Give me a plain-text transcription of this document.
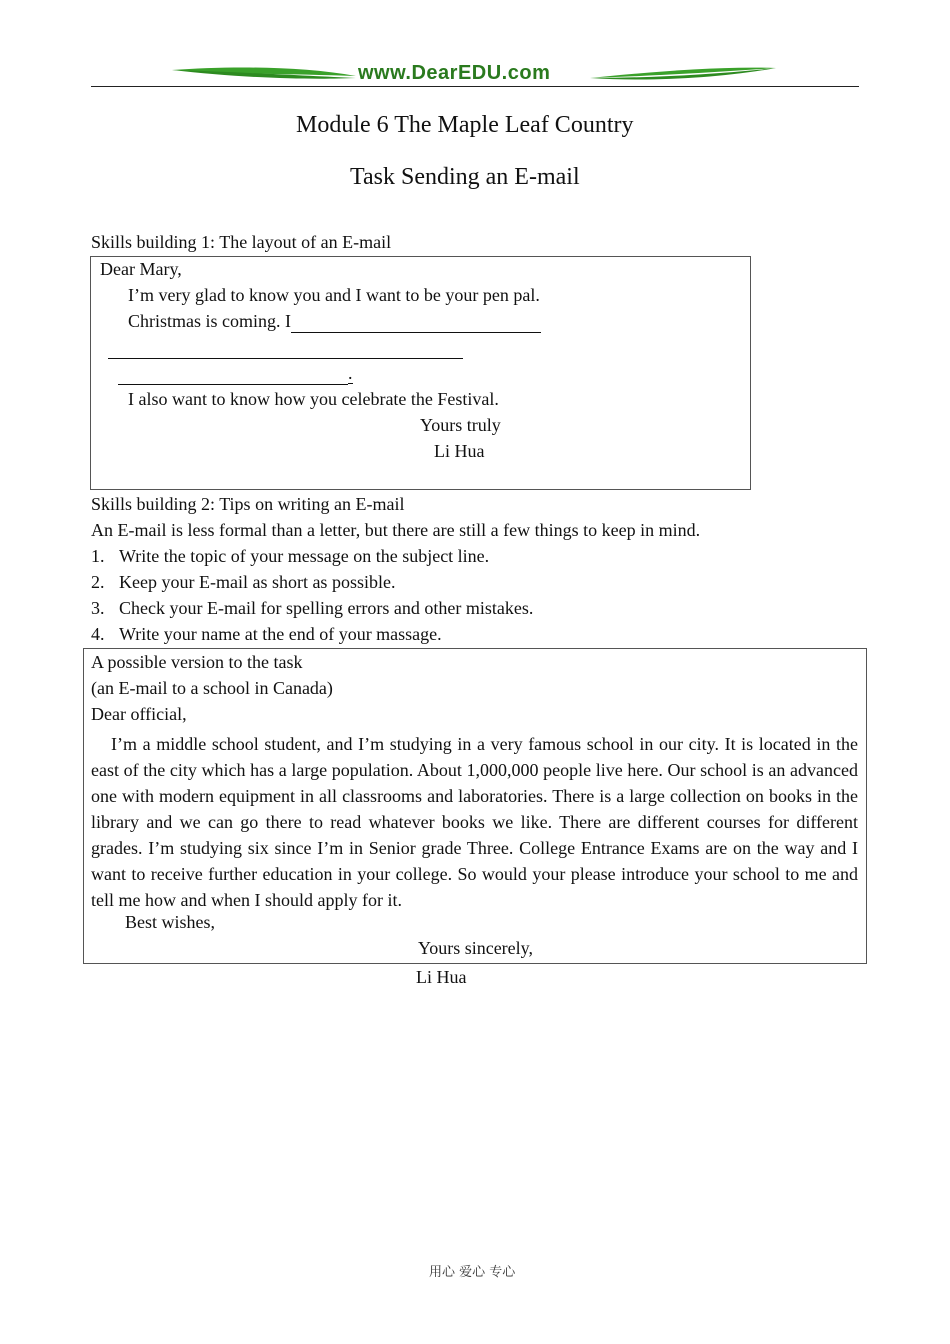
www.DearEDU.com
Module 6 The Maple Leaf Country
Task Sending an E-mail
Skills building 1: The layout of an E-mail
Dear Mary,
I’m very glad to know you and I want to be your pen pal.
Christmas is coming. I

.
I also want to know how you celebrate the Festival.
Yours truly
Li Hua
Skills building 2: Tips on writing an E-mail
An E-mail is less formal than a letter, but there are still a few things to keep in mind.
1. Write the topic of your message on the subject line.
2. Keep your E-mail as short as possible.
3. Check your E-mail for spelling errors and other mistakes.
4. Write your name at the end of your massage.
A possible version to the task
(an E-mail to a school in Canada)
Dear official,
I’m a middle school student, and I’m studying in a very famous school in our city. It is located in the east of the city which has a large population. About 1,000,000 people live here. Our school is an advanced one with modern equipment in all classrooms and laboratories. There is a large collection on books in the library and we can go there to read whatever books we like. There are different courses for different grades. I’m studying six since I’m in Senior grade Three. College Entrance Exams are on the way and I want to receive further education in your college. So would your please introduce your school to me and tell me how and when I should apply for it.
Best wishes,
Yours sincerely,
Li Hua
用心 爱心 专心
